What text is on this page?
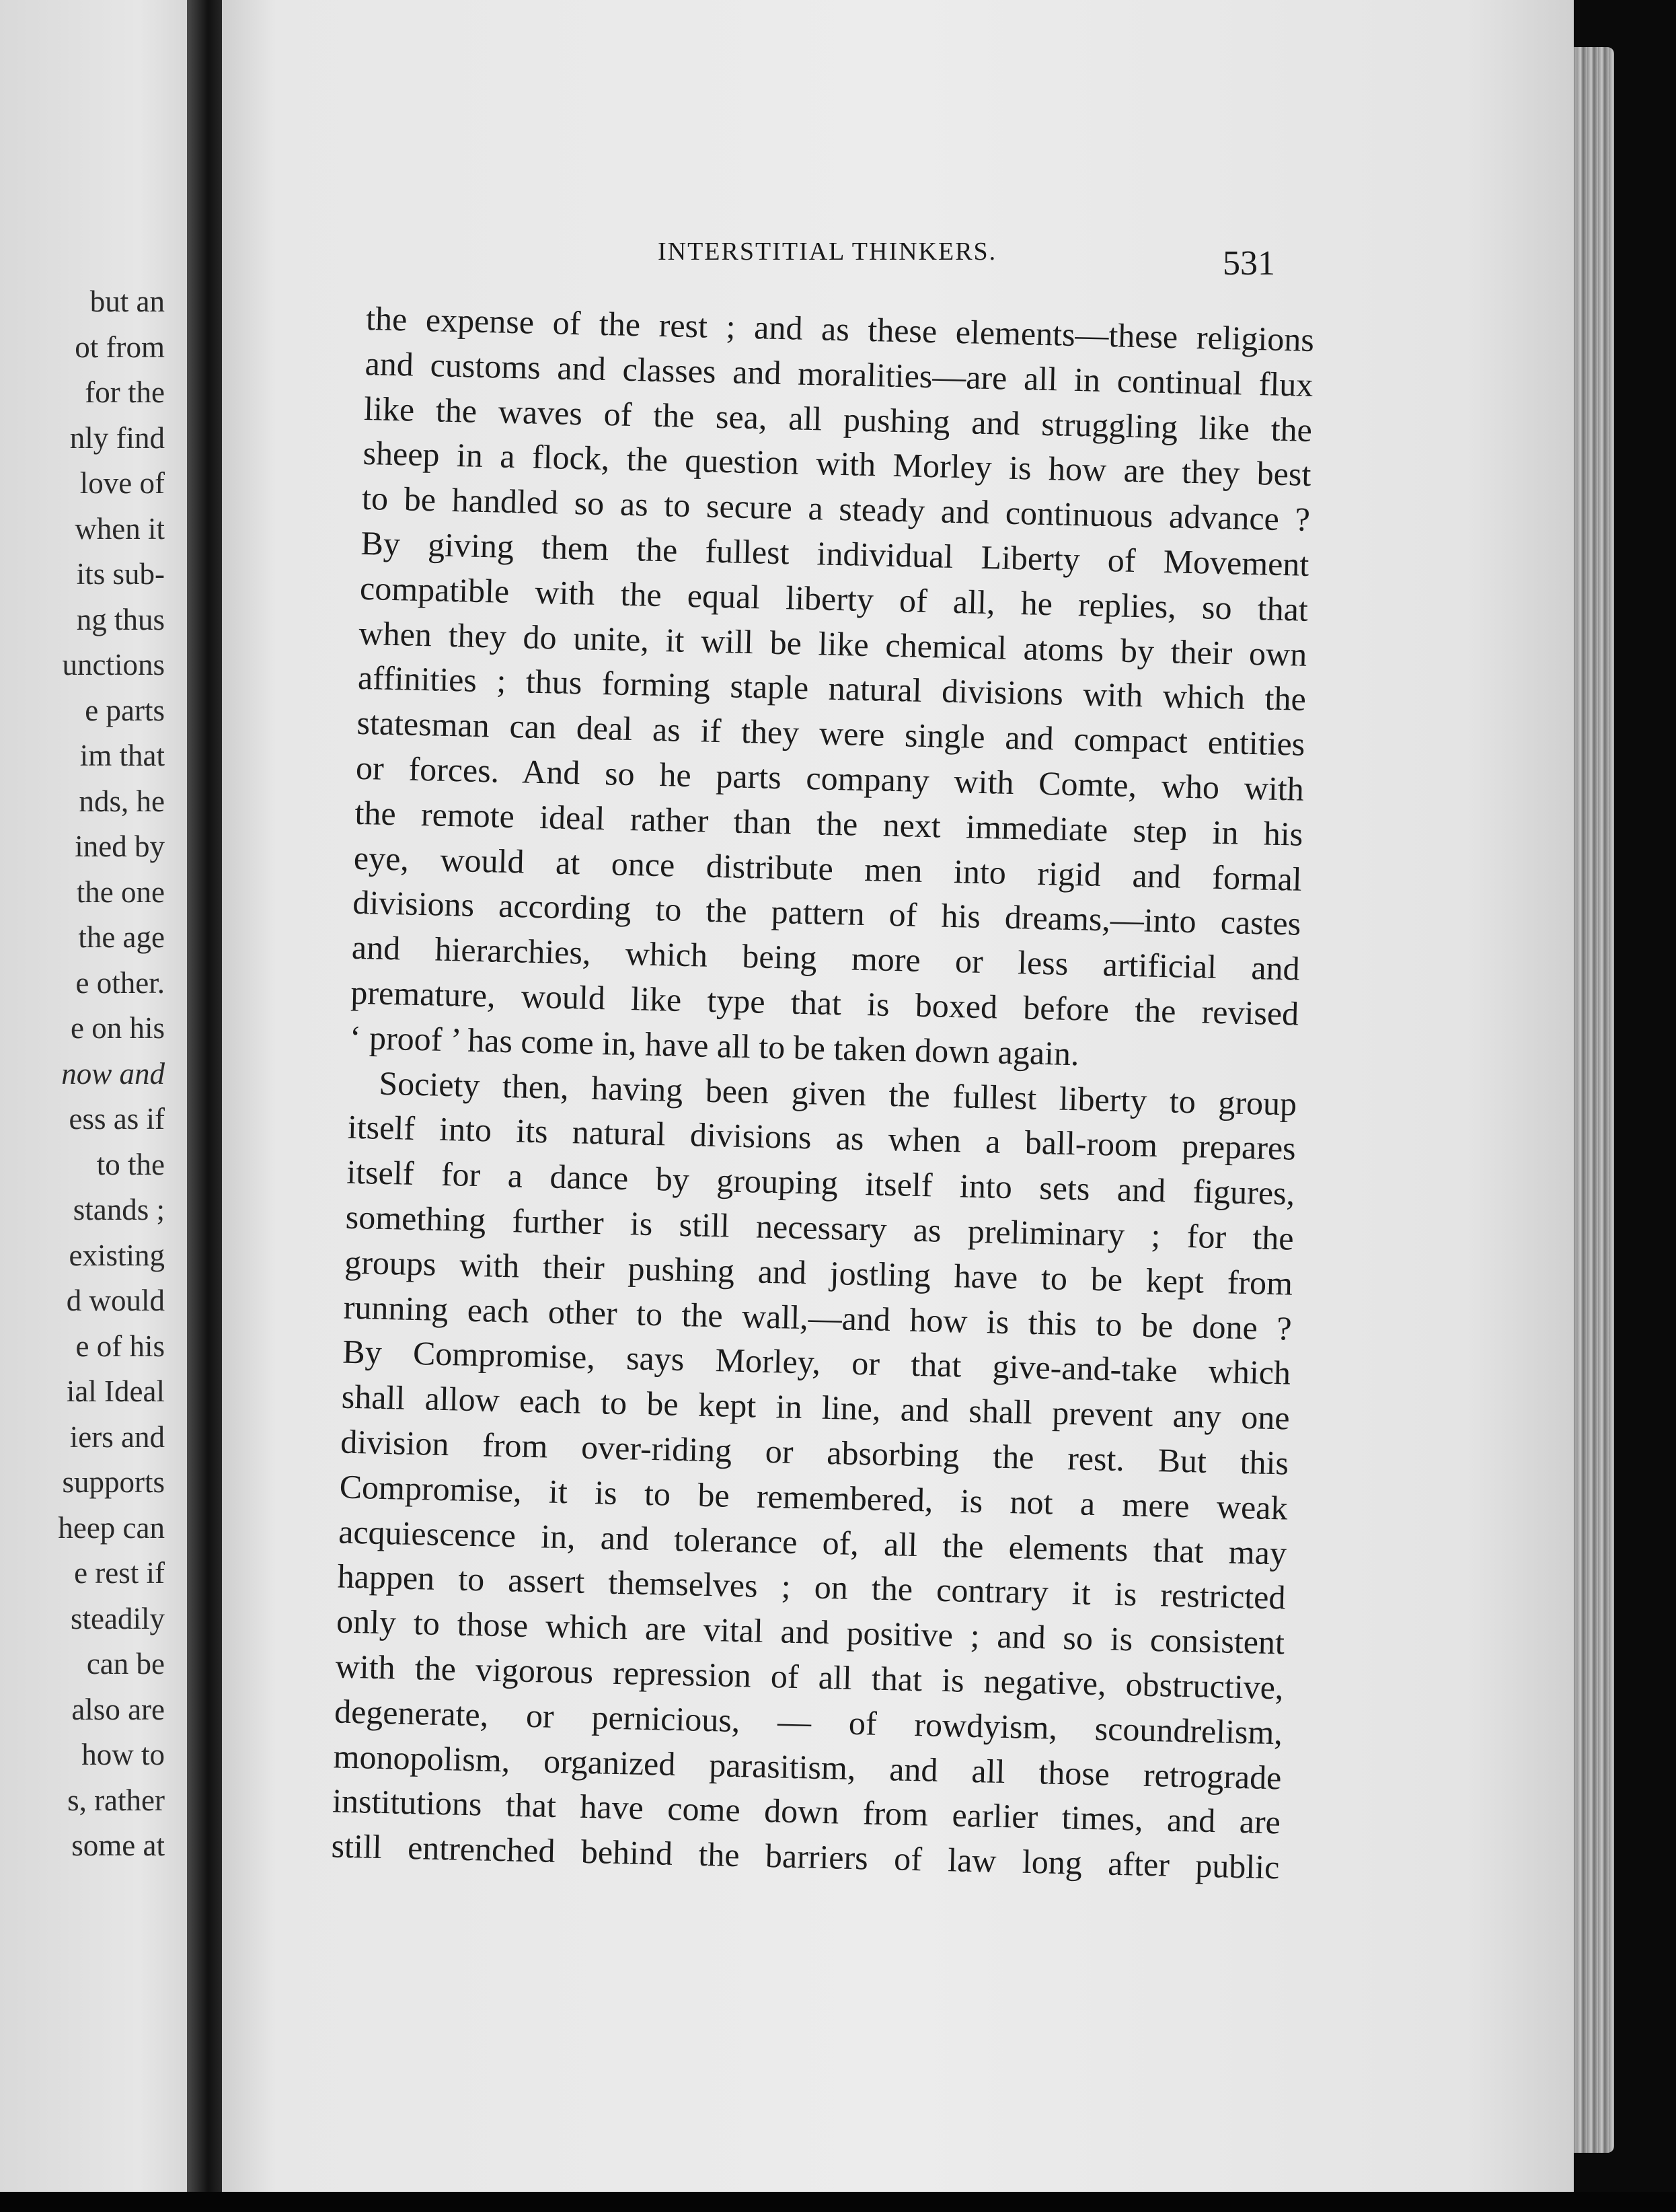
but an
ot from
for the
nly find
love of
when it
its sub-
ng thus
unctions
e parts
im that
nds, he
ined by
the one
the age
e other.
e on his
now and
ess as if
to the
stands ;
existing
d would
e of his
ial Ideal
iers and
supports
heep can
e rest if
steadily
can be
also are
how to
s, rather
some at
INTERSTITIAL THINKERS.	531
the expense of the rest ; and as these elements—these religions
and customs and classes and moralities—are all in continual flux
like the waves of the sea, all pushing and struggling like the
sheep in a flock, the question with Morley is how are they best
to be handled so as to secure a steady and continuous advance ?
By giving them the fullest individual Liberty of Movement
compatible with the equal liberty of all, he replies, so that
when they do unite, it will be like chemical atoms by their own
affinities ; thus forming staple natural divisions with which the
statesman can deal as if they were single and compact entities
or forces. And so he parts company with Comte, who with
the remote ideal rather than the next immediate step in his
eye, would at once distribute men into rigid and formal
divisions according to the pattern of his dreams,—into castes
and hierarchies, which being more or less artificial and
premature, would like type that is boxed before the revised
‘ proof ’ has come in, have all to be taken down again.
Society then, having been given the fullest liberty to group
itself into its natural divisions as when a ball-room prepares
itself for a dance by grouping itself into sets and figures,
something further is still necessary as preliminary ; for the
groups with their pushing and jostling have to be kept from
running each other to the wall,—and how is this to be done ?
By Compromise, says Morley, or that give-and-take which
shall allow each to be kept in line, and shall prevent any one
division from over-riding or absorbing the rest. But this
Compromise, it is to be remembered, is not a mere weak
acquiescence in, and tolerance of, all the elements that may
happen to assert themselves ; on the contrary it is restricted
only to those which are vital and positive ; and so is consistent
with the vigorous repression of all that is negative, obstructive,
degenerate, or pernicious, — of rowdyism, scoundrelism,
monopolism, organized parasitism, and all those retrograde
institutions that have come down from earlier times, and are
still entrenched behind the barriers of law long after public
